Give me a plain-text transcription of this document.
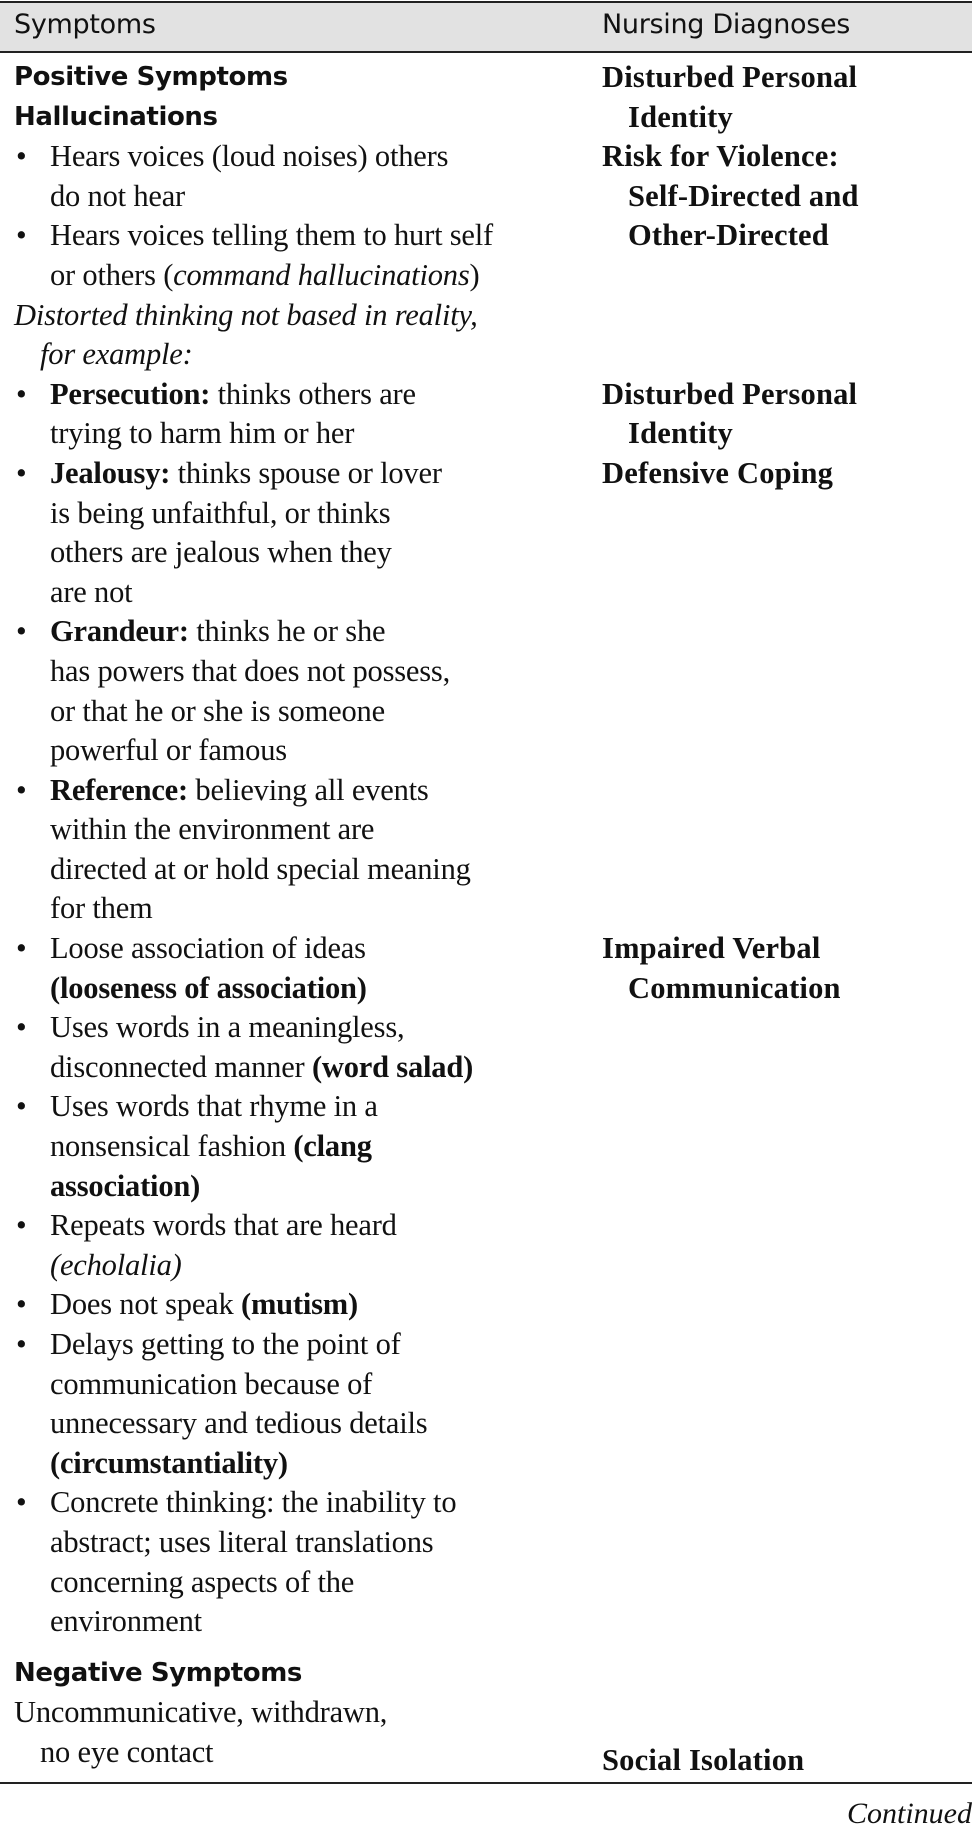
Symptoms	Nursing Diagnoses
Positive Symptoms
Hallucinations
• Hears voices (loud noises) others
do not hear
• Hears voices telling them to hurt self
or others (command hallucinations)
Distorted thinking not based in reality,
for example:
• Persecution: thinks others are
trying to harm him or her
• Jealousy: thinks spouse or lover
is being unfaithful, or thinks
others are jealous when they
are not
• Grandeur: thinks he or she
has powers that does not possess,
or that he or she is someone
powerful or famous
• Reference: believing all events
within the environment are
directed at or hold special meaning
for them
• Loose association of ideas
(looseness of association)
• Uses words in a meaningless,
disconnected manner (word salad)
• Uses words that rhyme in a
nonsensical fashion (clang
association)
• Repeats words that are heard
(echolalia)
• Does not speak (mutism)
• Delays getting to the point of
communication because of
unnecessary and tedious details
(circumstantiality)
• Concrete thinking: the inability to
abstract; uses literal translations
concerning aspects of the
environment
Negative Symptoms
Uncommunicative, withdrawn,
no eye contact
Disturbed Personal
Identity
Risk for Violence:
Self-Directed and
Other-Directed
Disturbed Personal
Identity
Defensive Coping
Impaired Verbal
Communication
Social Isolation
Continued
